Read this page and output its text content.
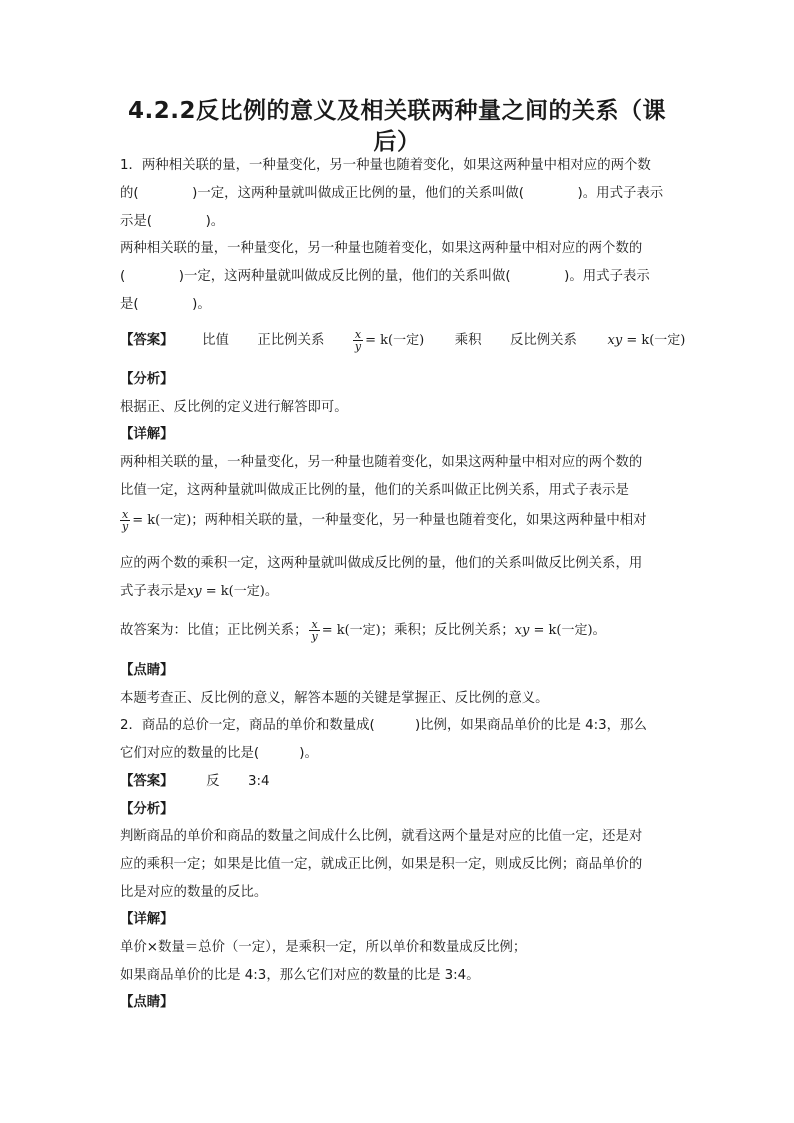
4.2.2反比例的意义及相关联两种量之间的关系（课
后）
1．两种相关联的量，一种量变化，另一种量也随着变化，如果这两种量中相对应的两个数
的(　　　　)一定，这两种量就叫做成正比例的量，他们的关系叫做(　　　　)。用式子表示
示是(　　　　)。
两种相关联的量，一种量变化，另一种量也随着变化，如果这两种量中相对应的两个数的
(　　　　)一定，这两种量就叫做成反比例的量，他们的关系叫做(　　　　)。用式子表示
是(　　　　)。
【答案】 比值 正比例关系	$\frac{x}{y} = k$(一定) 乘积 反比例关系 xy = k(一定)
【分析】
根据正、反比例的定义进行解答即可。
【详解】
两种相关联的量，一种量变化，另一种量也随着变化，如果这两种量中相对应的两个数的
比值一定，这两种量就叫做成正比例的量，他们的关系叫做正比例关系，用式子表示是
$\frac{x}{y} = k$(一定)；两种相关联的量，一种量变化，另一种量也随着变化，如果这两种量中相对
应的两个数的乘积一定，这两种量就叫做成反比例的量，他们的关系叫做反比例关系，用
式子表示是xy = k(一定)。
故答案为：比值；正比例关系； $\frac{x}{y} = k$(一定)；乘积；反比例关系；xy = k(一定)。
【点睛】
本题考查正、反比例的意义，解答本题的关键是掌握正、反比例的意义。
2．商品的总价一定，商品的单价和数量成(　　　)比例，如果商品单价的比是 4:3，那么
它们对应的数量的比是(　　　)。
【答案】 反 3:4
【分析】
判断商品的单价和商品的数量之间成什么比例，就看这两个量是对应的比值一定，还是对
应的乘积一定；如果是比值一定，就成正比例，如果是积一定，则成反比例；商品单价的
比是对应的数量的反比。
【详解】
单价×数量＝总价（一定），是乘积一定，所以单价和数量成反比例；
如果商品单价的比是 4:3，那么它们对应的数量的比是 3:4。
【点睛】
